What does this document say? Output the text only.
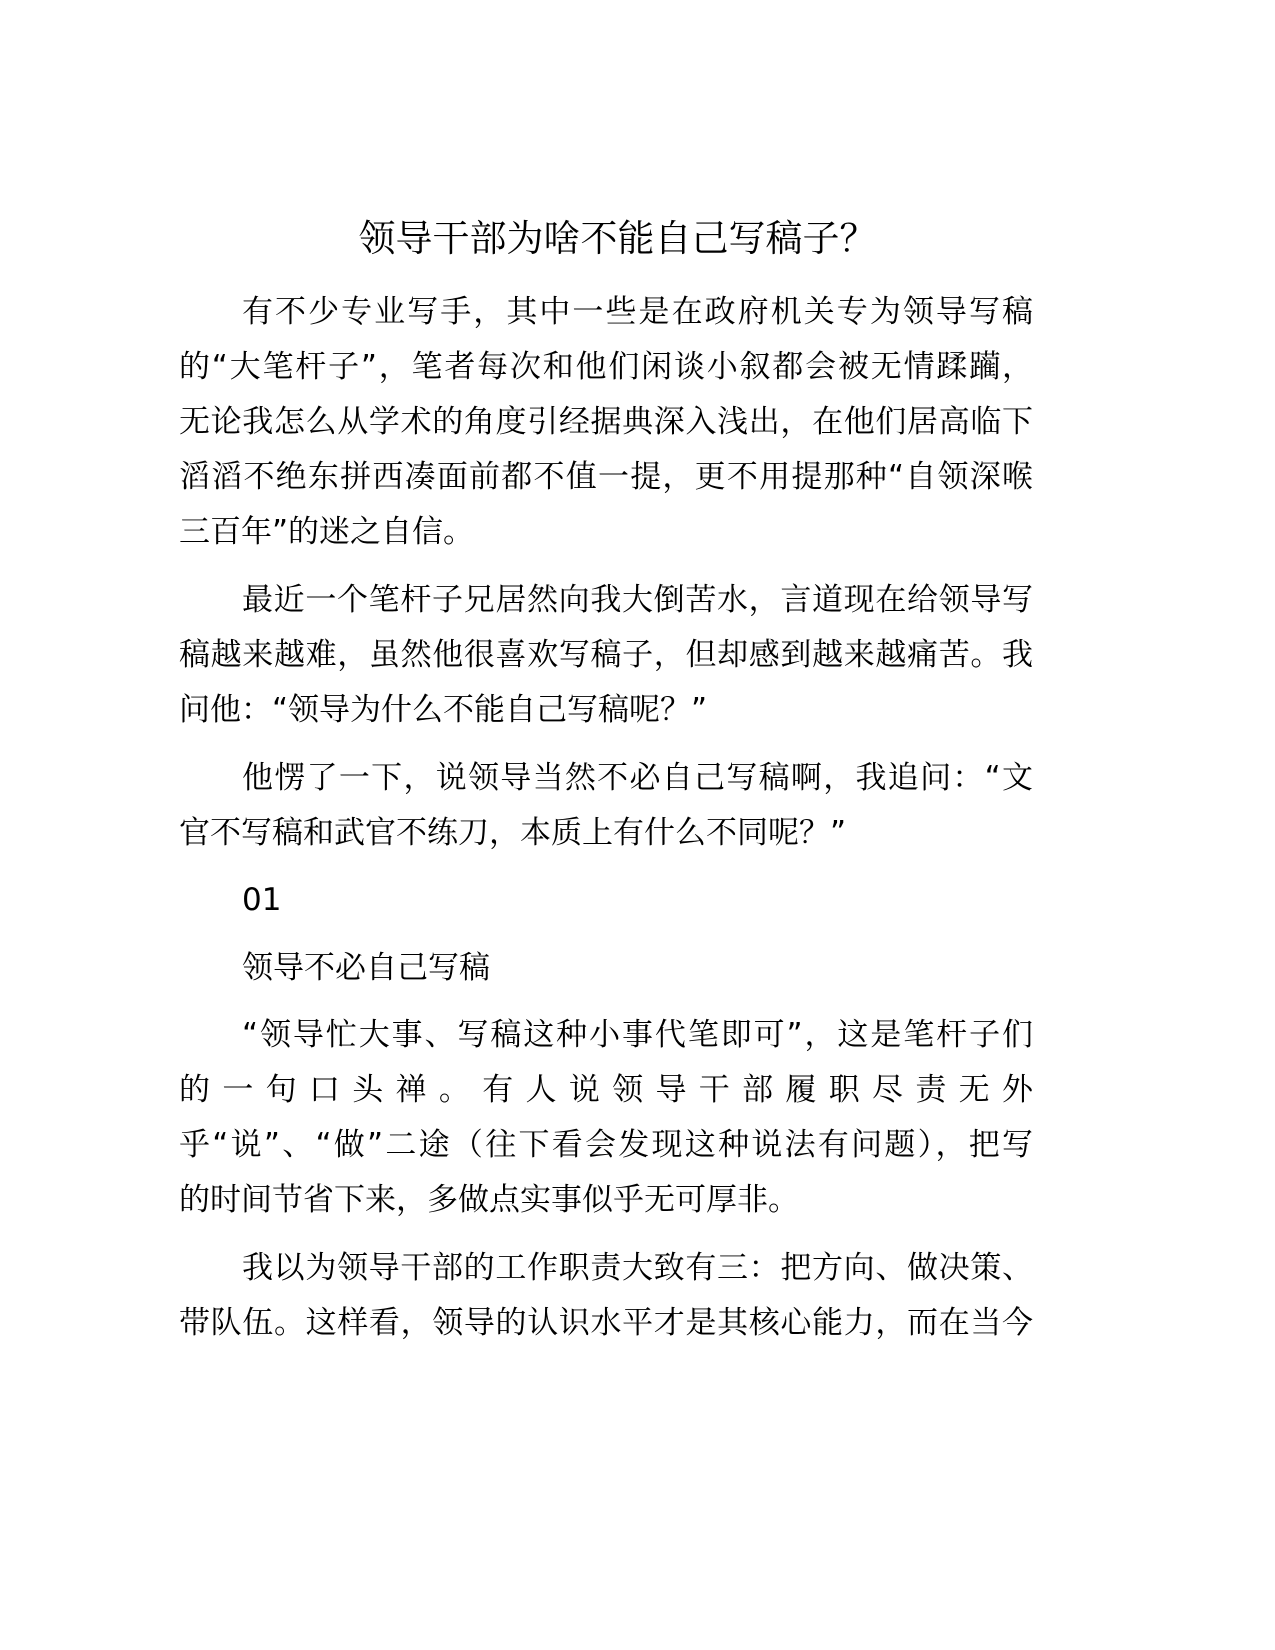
领导干部为啥不能自己写稿子？
有不少专业写手，其中一些是在政府机关专为领导写稿
的“大笔杆子”，笔者每次和他们闲谈小叙都会被无情蹂躏，
无论我怎么从学术的角度引经据典深入浅出，在他们居高临下
滔滔不绝东拼西凑面前都不值一提，更不用提那种“自领深喉
三百年”的迷之自信。
最近一个笔杆子兄居然向我大倒苦水，言道现在给领导写
稿越来越难，虽然他很喜欢写稿子，但却感到越来越痛苦。我
问他：“领导为什么不能自己写稿呢？”
他愣了一下，说领导当然不必自己写稿啊，我追问：“文
官不写稿和武官不练刀，本质上有什么不同呢？”
01
领导不必自己写稿
“领导忙大事、写稿这种小事代笔即可”，这是笔杆子们
的一句口头禅。有人说领导干部履职尽责无外
乎“说”、“做”二途（往下看会发现这种说法有问题），把写
的时间节省下来，多做点实事似乎无可厚非。
我以为领导干部的工作职责大致有三：把方向、做决策、
带队伍。这样看，领导的认识水平才是其核心能力，而在当今
